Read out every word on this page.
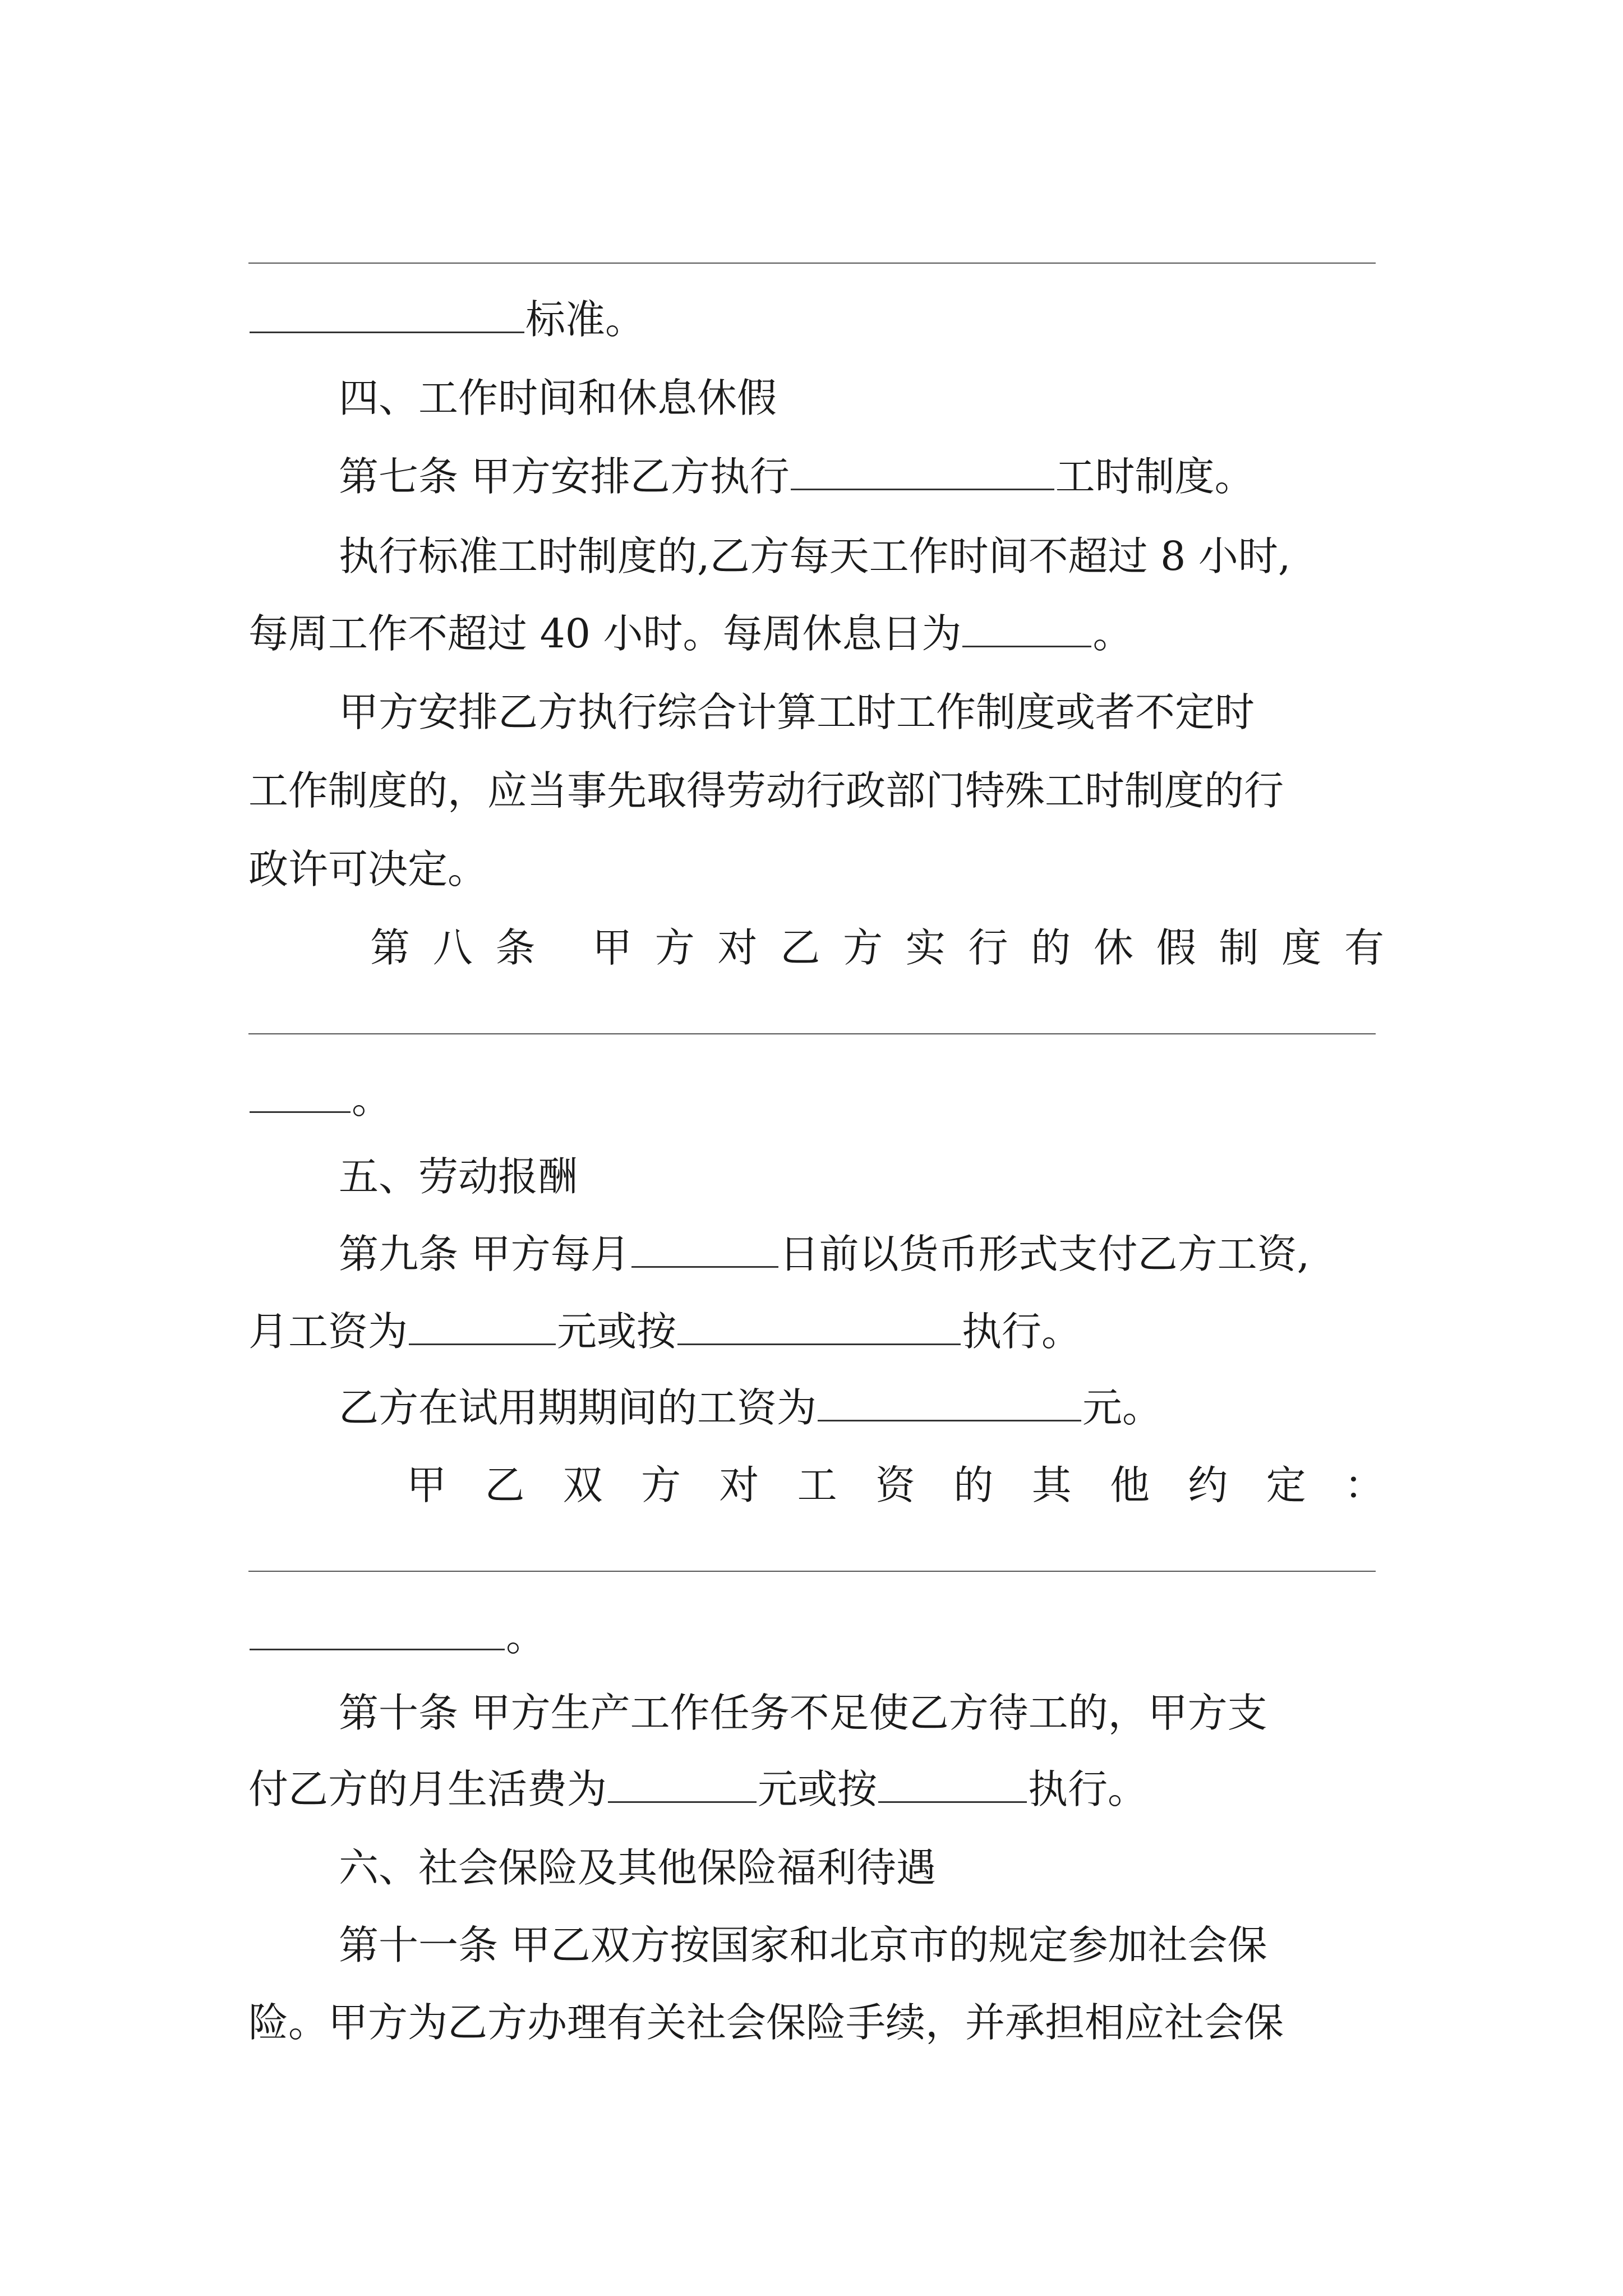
标准。
四、工作时间和休息休假
第七条 甲方安排乙方执行	工时制度。
执行标准工时制度的,乙方每天工作时间不超过 8 小时,
每周工作不超过 40 小时。每周休息日为	。
甲方安排乙方执行综合计算工时工作制度或者不定时
工作制度的，应当事先取得劳动行政部门特殊工时制度的行
政许可决定。
第 八 条 甲 方 对 乙 方 实 行 的 休 假 制 度 有
。
五、劳动报酬
第九条 甲方每月	日前以货币形式支付乙方工资,
月工资为	元或按	执行。
乙方在试用期期间的工资为	元。
甲 乙 双 方 对 工 资 的 其 他 约 定 ：
。
第十条 甲方生产工作任务不足使乙方待工的，甲方支
付乙方的月生活费为	元或按	执行。
六、社会保险及其他保险福利待遇
第十一条 甲乙双方按国家和北京市的规定参加社会保
险。甲方为乙方办理有关社会保险手续，并承担相应社会保
